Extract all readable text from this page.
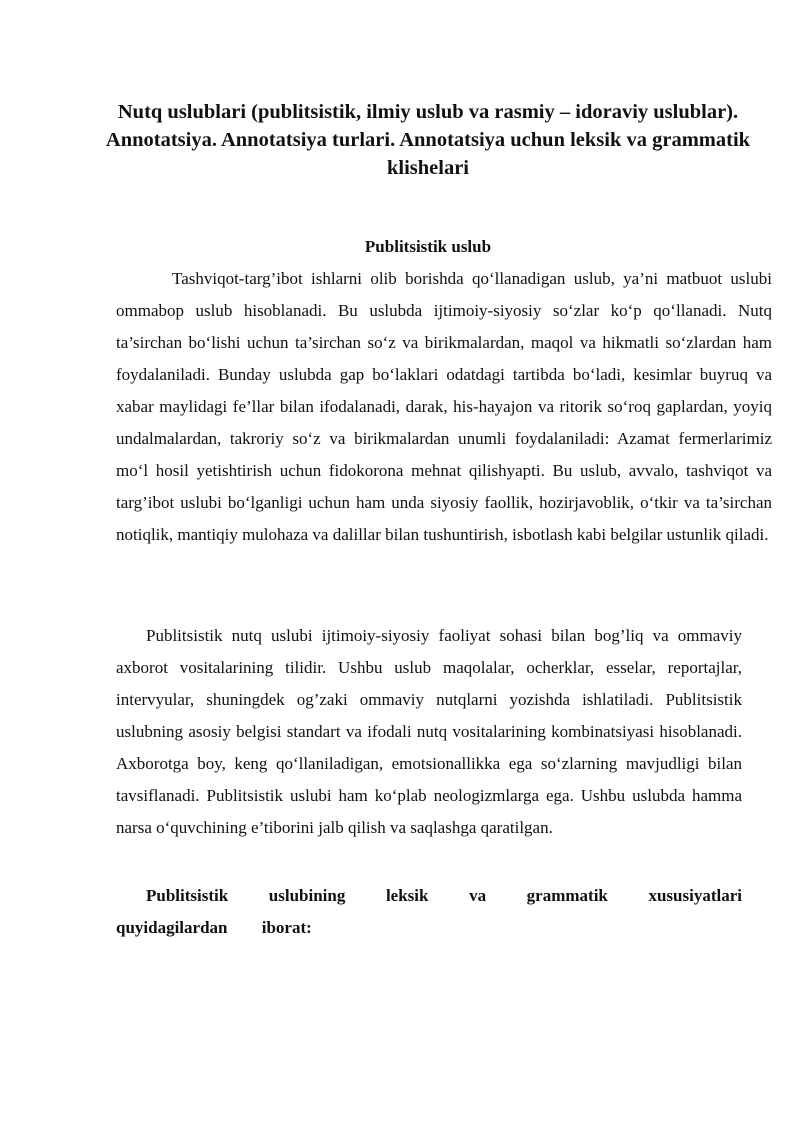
Nutq uslublari (publitsistik, ilmiy uslub va rasmiy – idoraviy uslublar). Annotatsiya. Annotatsiya turlari. Annotatsiya uchun leksik va grammatik klishelari
Publitsistik uslub

Tashviqot-targ’ibot ishlarni olib borishda qo‘llanadigan uslub, ya’ni matbuot uslubi ommabop uslub hisoblanadi. Bu uslubda ijtimoiy-siyosiy so‘zlar ko‘p qo‘llanadi. Nutq ta’sirchan bo‘lishi uchun ta’sirchan so‘z va birikmalardan, maqol va hikmatli so‘zlardan ham foydalaniladi. Bunday uslubda gap bo‘laklari odatdagi tartibda bo‘ladi, kesimlar buyruq va xabar maylidagi fe’llar bilan ifodalanadi, darak, his-hayajon va ritorik so‘roq gaplardan, yoyiq undalmalardan, takroriy so‘z va birikmalardan unumli foydalaniladi: Azamat fermerlarimiz mo‘l hosil yetishtirish uchun fidokorona mehnat qilishyapti. Bu uslub, avvalo, tashviqot va targ’ibot uslubi bo‘lganligi uchun ham unda siyosiy faollik, hozirjavoblik, o‘tkir va ta’sirchan notiqlik, mantiqiy mulohaza va dalillar bilan tushuntirish, isbotlash kabi belgilar ustunlik qiladi.

Publitsistik nutq uslubi ijtimoiy-siyosiy faoliyat sohasi bilan bog’liq va ommaviy axborot vositalarining tilidir. Ushbu uslub maqolalar, ocherklar, esselar, reportajlar, intervyular, shuningdek og’zaki ommaviy nutqlarni yozishda ishlatiladi. Publitsistik uslubning asosiy belgisi standart va ifodali nutq vositalarining kombinatsiyasi hisoblanadi. Axborotga boy, keng qo‘llaniladigan, emotsionallikka ega so‘zlarning mavjudligi bilan tavsiflanadi. Publitsistik uslubi ham ko‘plab neologizmlarga ega. Ushbu uslubda hamma narsa o‘quvchining e’tiborini jalb qilish va saqlashga qaratilgan.

Publitsistik uslubining leksik va grammatik xususiyatlari quyidagilardan iborat:
